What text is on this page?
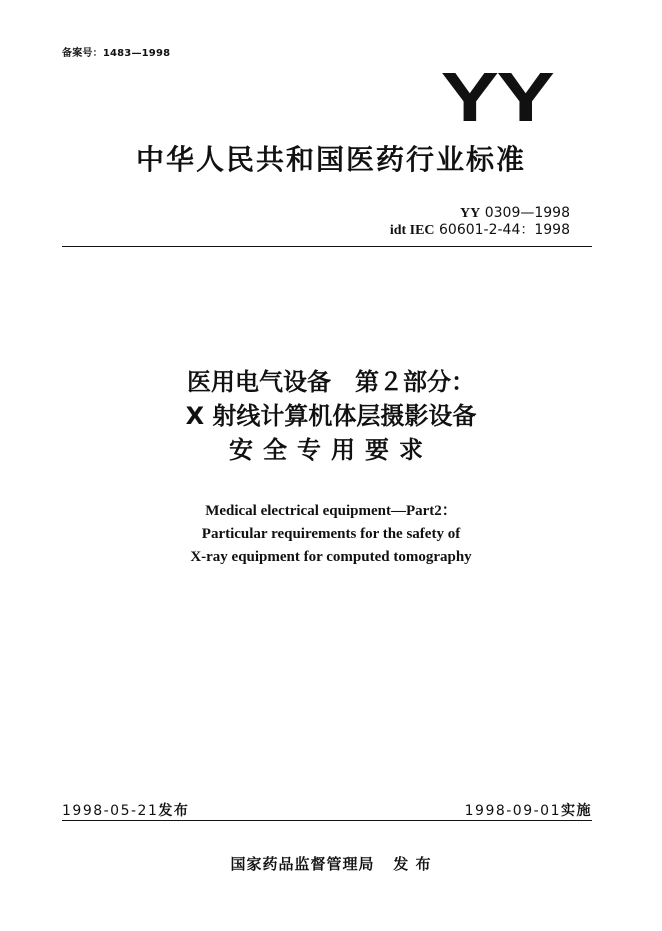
备案号：1483—1998
YY
中华人民共和国医药行业标准
YY 0309—1998
idt IEC 60601-2-44：1998
医用电气设备　第２部分：
X 射线计算机体层摄影设备
安全专用要求
Medical electrical equipment—Part2：
Particular requirements for the safety of
X-ray equipment for computed tomography
1998-05-21发布	1998-09-01实施
国家药品监督管理局 发 布
